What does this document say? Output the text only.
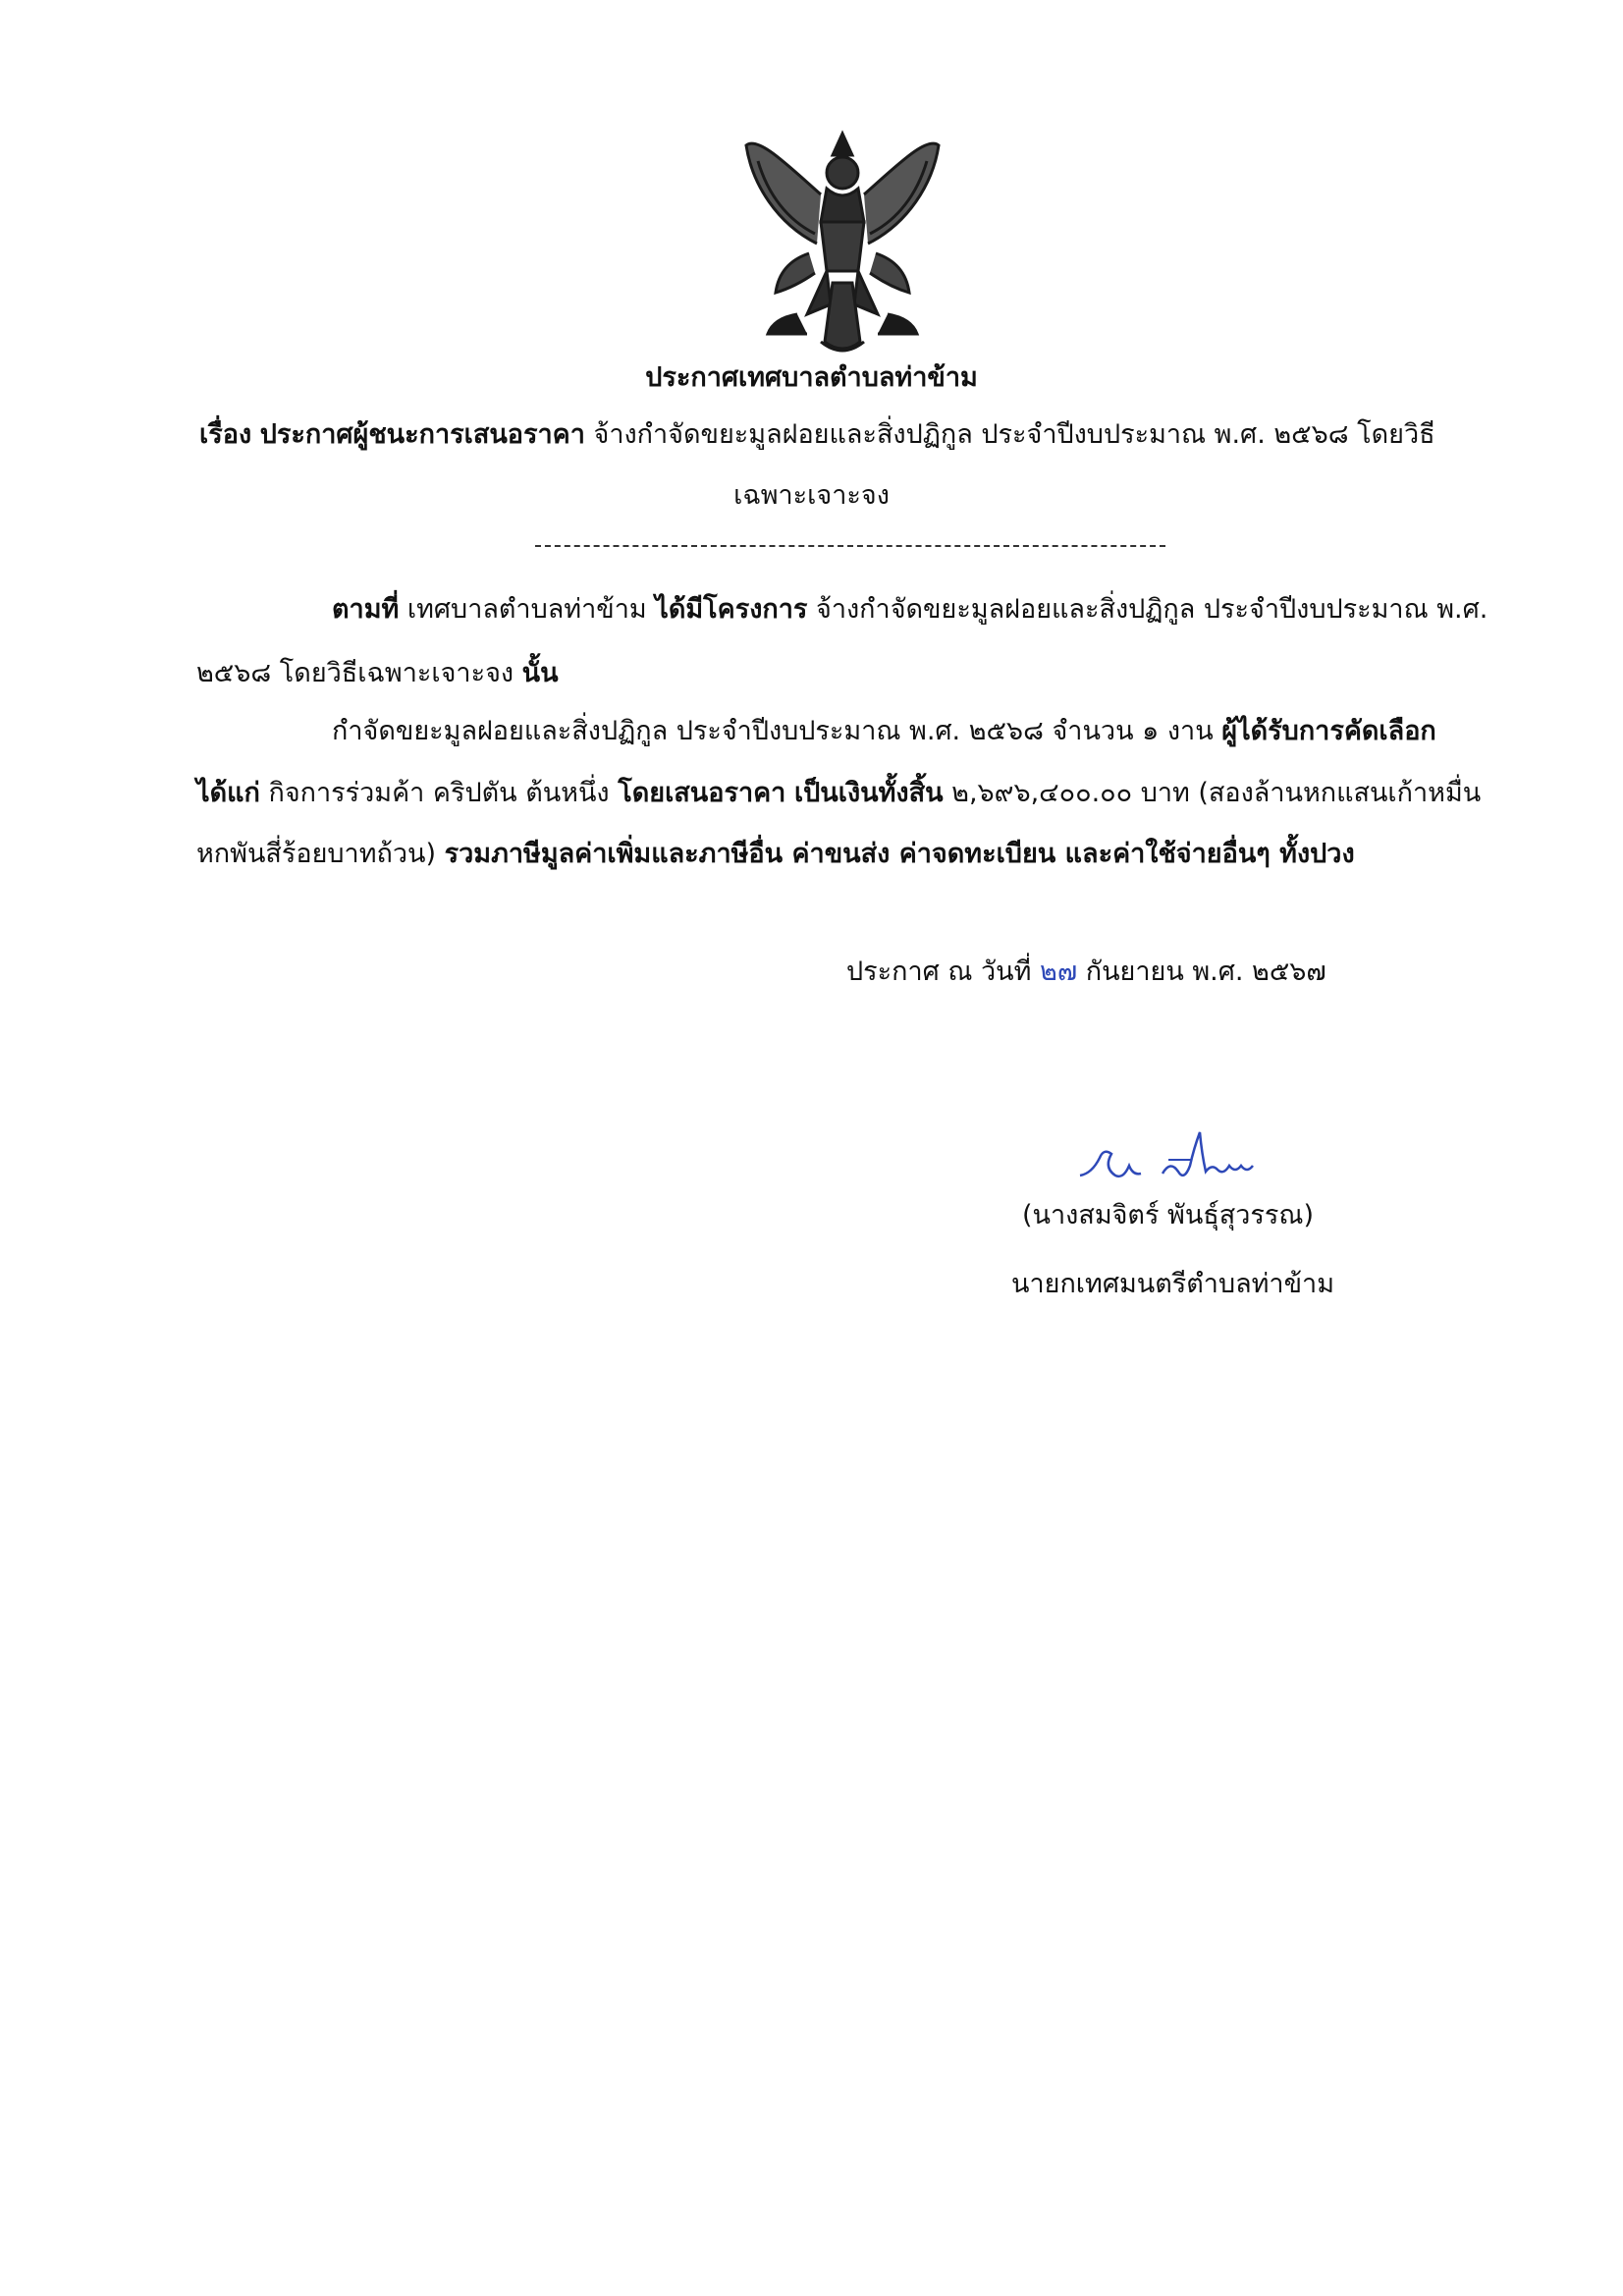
ประกาศเทศบาลตำบลท่าข้าม
เรื่อง ประกาศผู้ชนะการเสนอราคา จ้างกำจัดขยะมูลฝอยและสิ่งปฏิกูล ประจำปีงบประมาณ พ.ศ. ๒๕๖๘ โดยวิธี
เฉพาะเจาะจง
ตามที่ เทศบาลตำบลท่าข้าม ได้มีโครงการ จ้างกำจัดขยะมูลฝอยและสิ่งปฏิกูล ประจำปีงบประมาณ พ.ศ.
๒๕๖๘ โดยวิธีเฉพาะเจาะจง นั้น
กำจัดขยะมูลฝอยและสิ่งปฏิกูล ประจำปีงบประมาณ พ.ศ. ๒๕๖๘ จำนวน ๑ งาน ผู้ได้รับการคัดเลือก
ได้แก่ กิจการร่วมค้า คริปตัน ต้นหนึ่ง โดยเสนอราคา เป็นเงินทั้งสิ้น ๒,๖๙๖,๔๐๐.๐๐ บาท (สองล้านหกแสนเก้าหมื่น
หกพันสี่ร้อยบาทถ้วน) รวมภาษีมูลค่าเพิ่มและภาษีอื่น ค่าขนส่ง ค่าจดทะเบียน และค่าใช้จ่ายอื่นๆ ทั้งปวง
ประกาศ ณ วันที่ ๒๗ กันยายน พ.ศ. ๒๕๖๗
(นางสมจิตร์ พันธุ์สุวรรณ)
นายกเทศมนตรีตำบลท่าข้าม
